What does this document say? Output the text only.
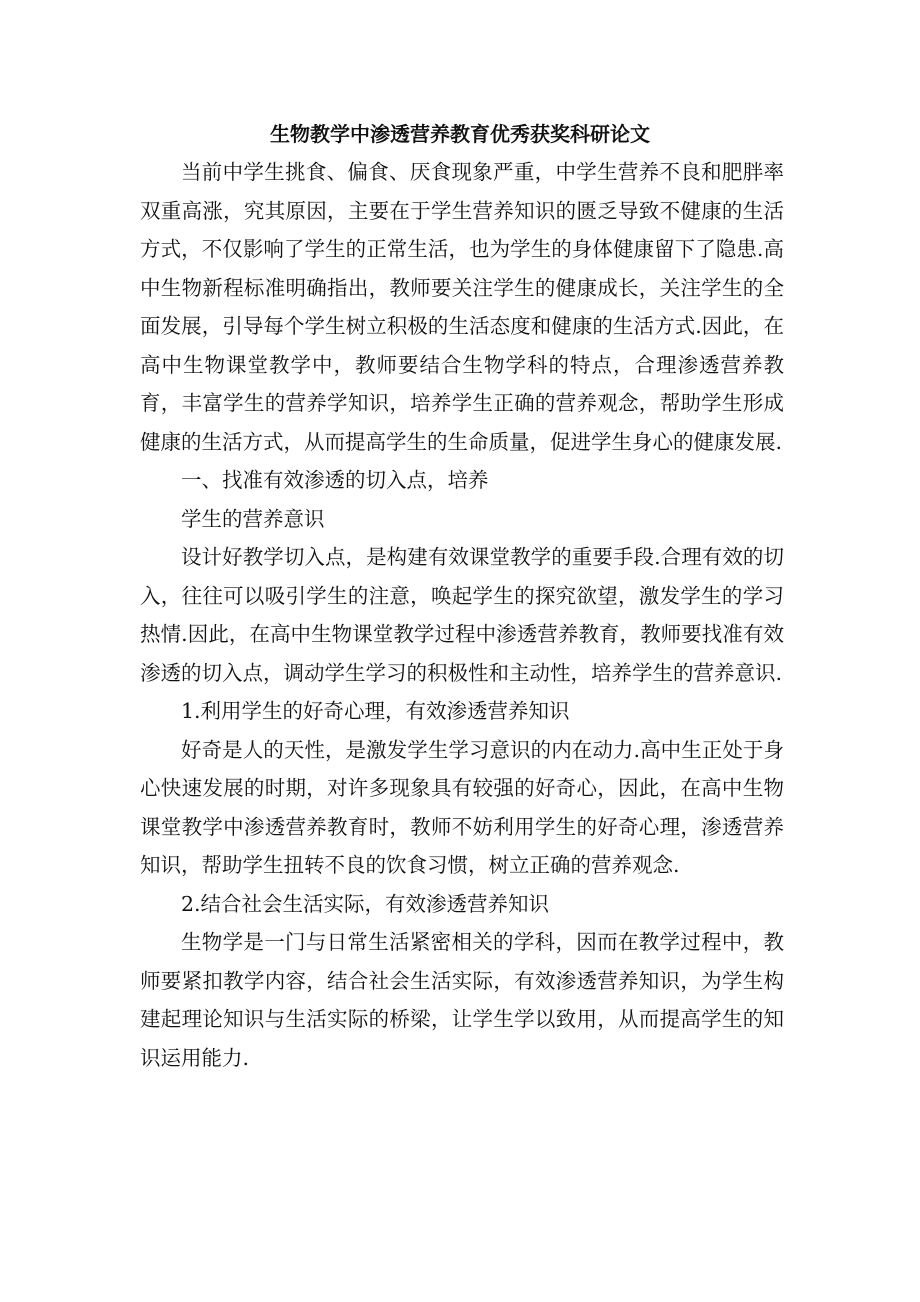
生物教学中渗透营养教育优秀获奖科研论文

当前中学生挑食、偏食、厌食现象严重，中学生营养不良和肥胖率双重高涨，究其原因，主要在于学生营养知识的匮乏导致不健康的生活方式，不仅影响了学生的正常生活，也为学生的身体健康留下了隐患.高中生物新程标准明确指出，教师要关注学生的健康成长，关注学生的全面发展，引导每个学生树立积极的生活态度和健康的生活方式.因此，在高中生物课堂教学中，教师要结合生物学科的特点，合理渗透营养教育，丰富学生的营养学知识，培养学生正确的营养观念，帮助学生形成健康的生活方式，从而提高学生的生命质量，促进学生身心的健康发展.

一、找准有效渗透的切入点，培养

学生的营养意识

设计好教学切入点，是构建有效课堂教学的重要手段.合理有效的切入，往往可以吸引学生的注意，唤起学生的探究欲望，激发学生的学习热情.因此，在高中生物课堂教学过程中渗透营养教育，教师要找准有效渗透的切入点，调动学生学习的积极性和主动性，培养学生的营养意识.

1.利用学生的好奇心理，有效渗透营养知识

好奇是人的天性，是激发学生学习意识的内在动力.高中生正处于身心快速发展的时期，对许多现象具有较强的好奇心，因此，在高中生物课堂教学中渗透营养教育时，教师不妨利用学生的好奇心理，渗透营养知识，帮助学生扭转不良的饮食习惯，树立正确的营养观念.

2.结合社会生活实际，有效渗透营养知识

生物学是一门与日常生活紧密相关的学科，因而在教学过程中，教师要紧扣教学内容，结合社会生活实际，有效渗透营养知识，为学生构建起理论知识与生活实际的桥梁，让学生学以致用，从而提高学生的知识运用能力.
